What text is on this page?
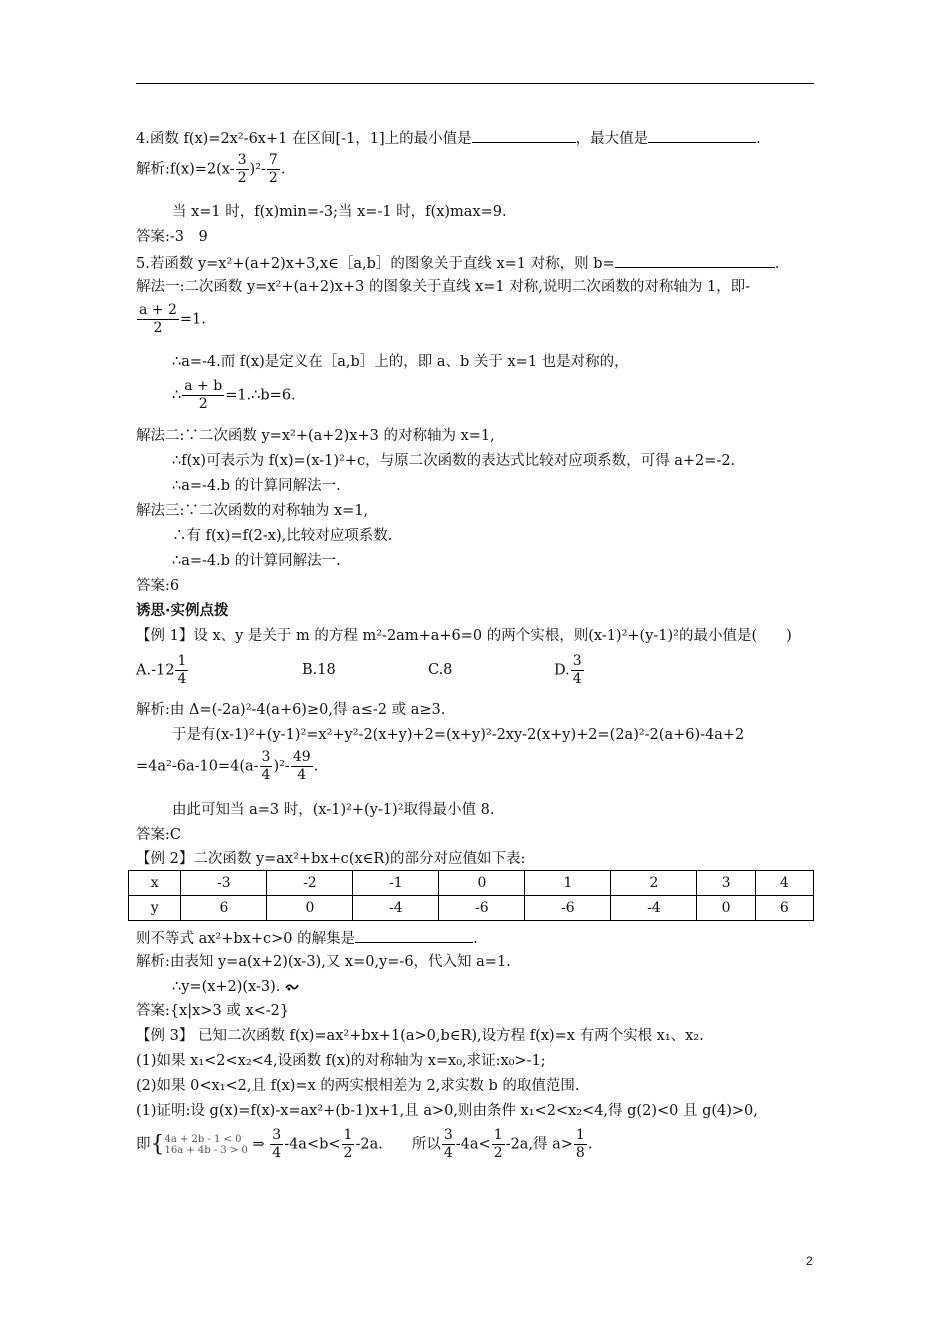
4.函数 f(x)=2x²-6x+1 在区间[-1，1]上的最小值是	，最大值是	.
解析:f(x)=2(x- $\frac{3}{2} )^2- \frac{7}{2}$ .
当 x=1 时，f(x)min=-3;当 x=-1 时，f(x)max=9.
答案:-3　9
5.若函数 y=x²+(a+2)x+3,x∈［a,b］的图象关于直线 x=1 对称，则 b=	.
解法一:二次函数 y=x²+(a+2)x+3 的图象关于直线 x=1 对称,说明二次函数的对称轴为 1，即-
$\frac{a + 2}{2} =1$.
∴a=-4.而 f(x)是定义在［a,b］上的，即 a、b 关于 x=1 也是对称的，
∴ $\frac{a + b}{2}$ =1.∴b=6.
解法二:∵二次函数 y=x²+(a+2)x+3 的对称轴为 x=1,
∴f(x)可表示为 f(x)=(x-1)²+c，与原二次函数的表达式比较对应项系数，可得 a+2=-2.
∴a=-4.b 的计算同解法一.
解法三:∵二次函数的对称轴为 x=1,
∴有 f(x)=f(2-x),比较对应项系数.
∴a=-4.b 的计算同解法一.
答案:6
诱思·实例点拨
【例 1】设 x、y 是关于 m 的方程 m²-2am+a+6=0 的两个实根，则(x-1)²+(y-1)²的最小值是(　　)
$A.-12 \frac{1}{4}$	B.18	C.8	D. $\frac{3}{4}$
解析:由 Δ=(-2a)²-4(a+6)≥0,得 a≤-2 或 a≥3.
于是有(x-1)²+(y-1)²=x²+y²-2(x+y)+2=(x+y)²-2xy-2(x+y)+2=(2a)²-2(a+6)-4a+2
$=4a^2-6a-10=4(a- \frac{3}{4} )^2- \frac{49}{4}$ .
由此可知当 a=3 时，(x-1)²+(y-1)²取得最小值 8.
答案:C
【例 2】二次函数 y=ax²+bx+c(x∈R)的部分对应值如下表:
x	-3	-2	-1	0	1	2	3	4
y	6	0	-4	-6	-6	-4	0	6
则不等式 ax²+bx+c>0 的解集是	.
解析:由表知 y=a(x+2)(x-3),又 x=0,y=-6，代入知 a=1.
∴y=(x+2)(x-3).
答案:{x|x>3 或 x<-2}
【例 3】 已知二次函数 f(x)=ax²+bx+1(a>0,b∈R),设方程 f(x)=x 有两个实根 x₁、x₂.
(1)如果 x₁<2<x₂<4,设函数 f(x)的对称轴为 x=x₀,求证:x₀>-1;
(2)如果 0<x₁<2,且 f(x)=x 的两实根相差为 2,求实数 b 的取值范围.
(1)证明:设 g(x)=f(x)-x=ax²+(b-1)x+1,且 a>0,则由条件 x₁<2<x₂<4,得 g(2)<0 且 g(4)>0,
即{ 4a + 2b - 1 < 0
16a + 4b - 3 > 0 ⇒ $\frac{3}{4} -4a<b< \frac{1}{2} -2a$.　　所以 $\frac{3}{4} -4a< \frac{1}{2} -2a$,得 $a> \frac{1}{8}$ .
2
